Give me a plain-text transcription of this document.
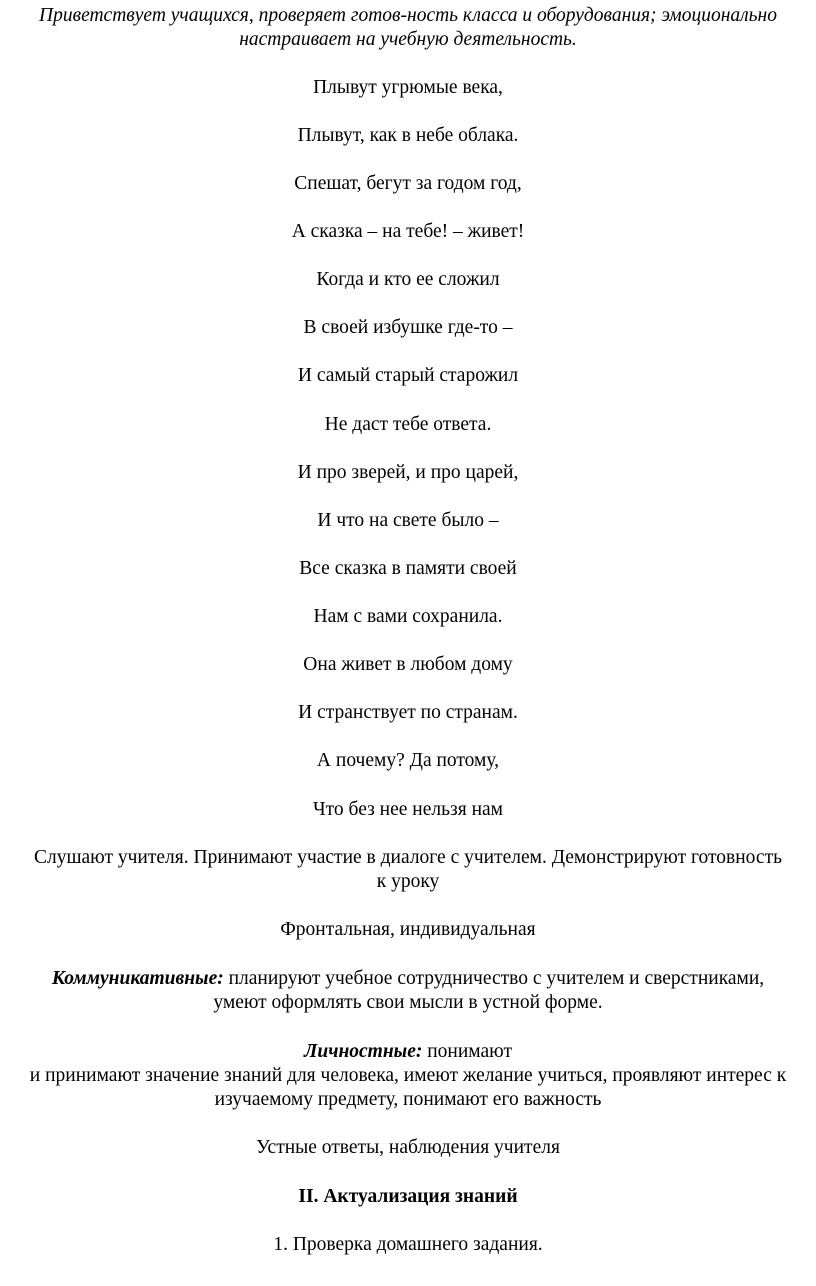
Приветствует учащихся, проверяет готов-ность класса и оборудования; эмоционально

настраивает на учебную деятельность.

Плывут угрюмые века,

Плывут, как в небе облака.

Спешат, бегут за годом год,

А сказка – на тебе! – живет!

Когда и кто ее сложил

В своей избушке где-то –

И самый старый старожил

Не даст тебе ответа.

И про зверей, и про царей,

И что на свете было –

Все сказка в памяти своей

Нам с вами сохранила.

Она живет в любом дому

И странствует по странам.

А почему? Да потому,

Что без нее нельзя нам

Слушают учителя. Принимают участие в диалоге с учителем. Демонстрируют готовность

к уроку

Фронтальная, индивидуальная

Коммуникативные: планируют учебное сотрудничество с учителем и сверстниками,

умеют оформлять свои мысли в устной форме.

Личностные: понимают

и принимают значение знаний для человека, имеют желание учиться, проявляют интерес к

изучаемому предмету, понимают его важность

Устные ответы, наблюдения учителя

II. Актуализация знаний

1. Проверка домашнего задания.
